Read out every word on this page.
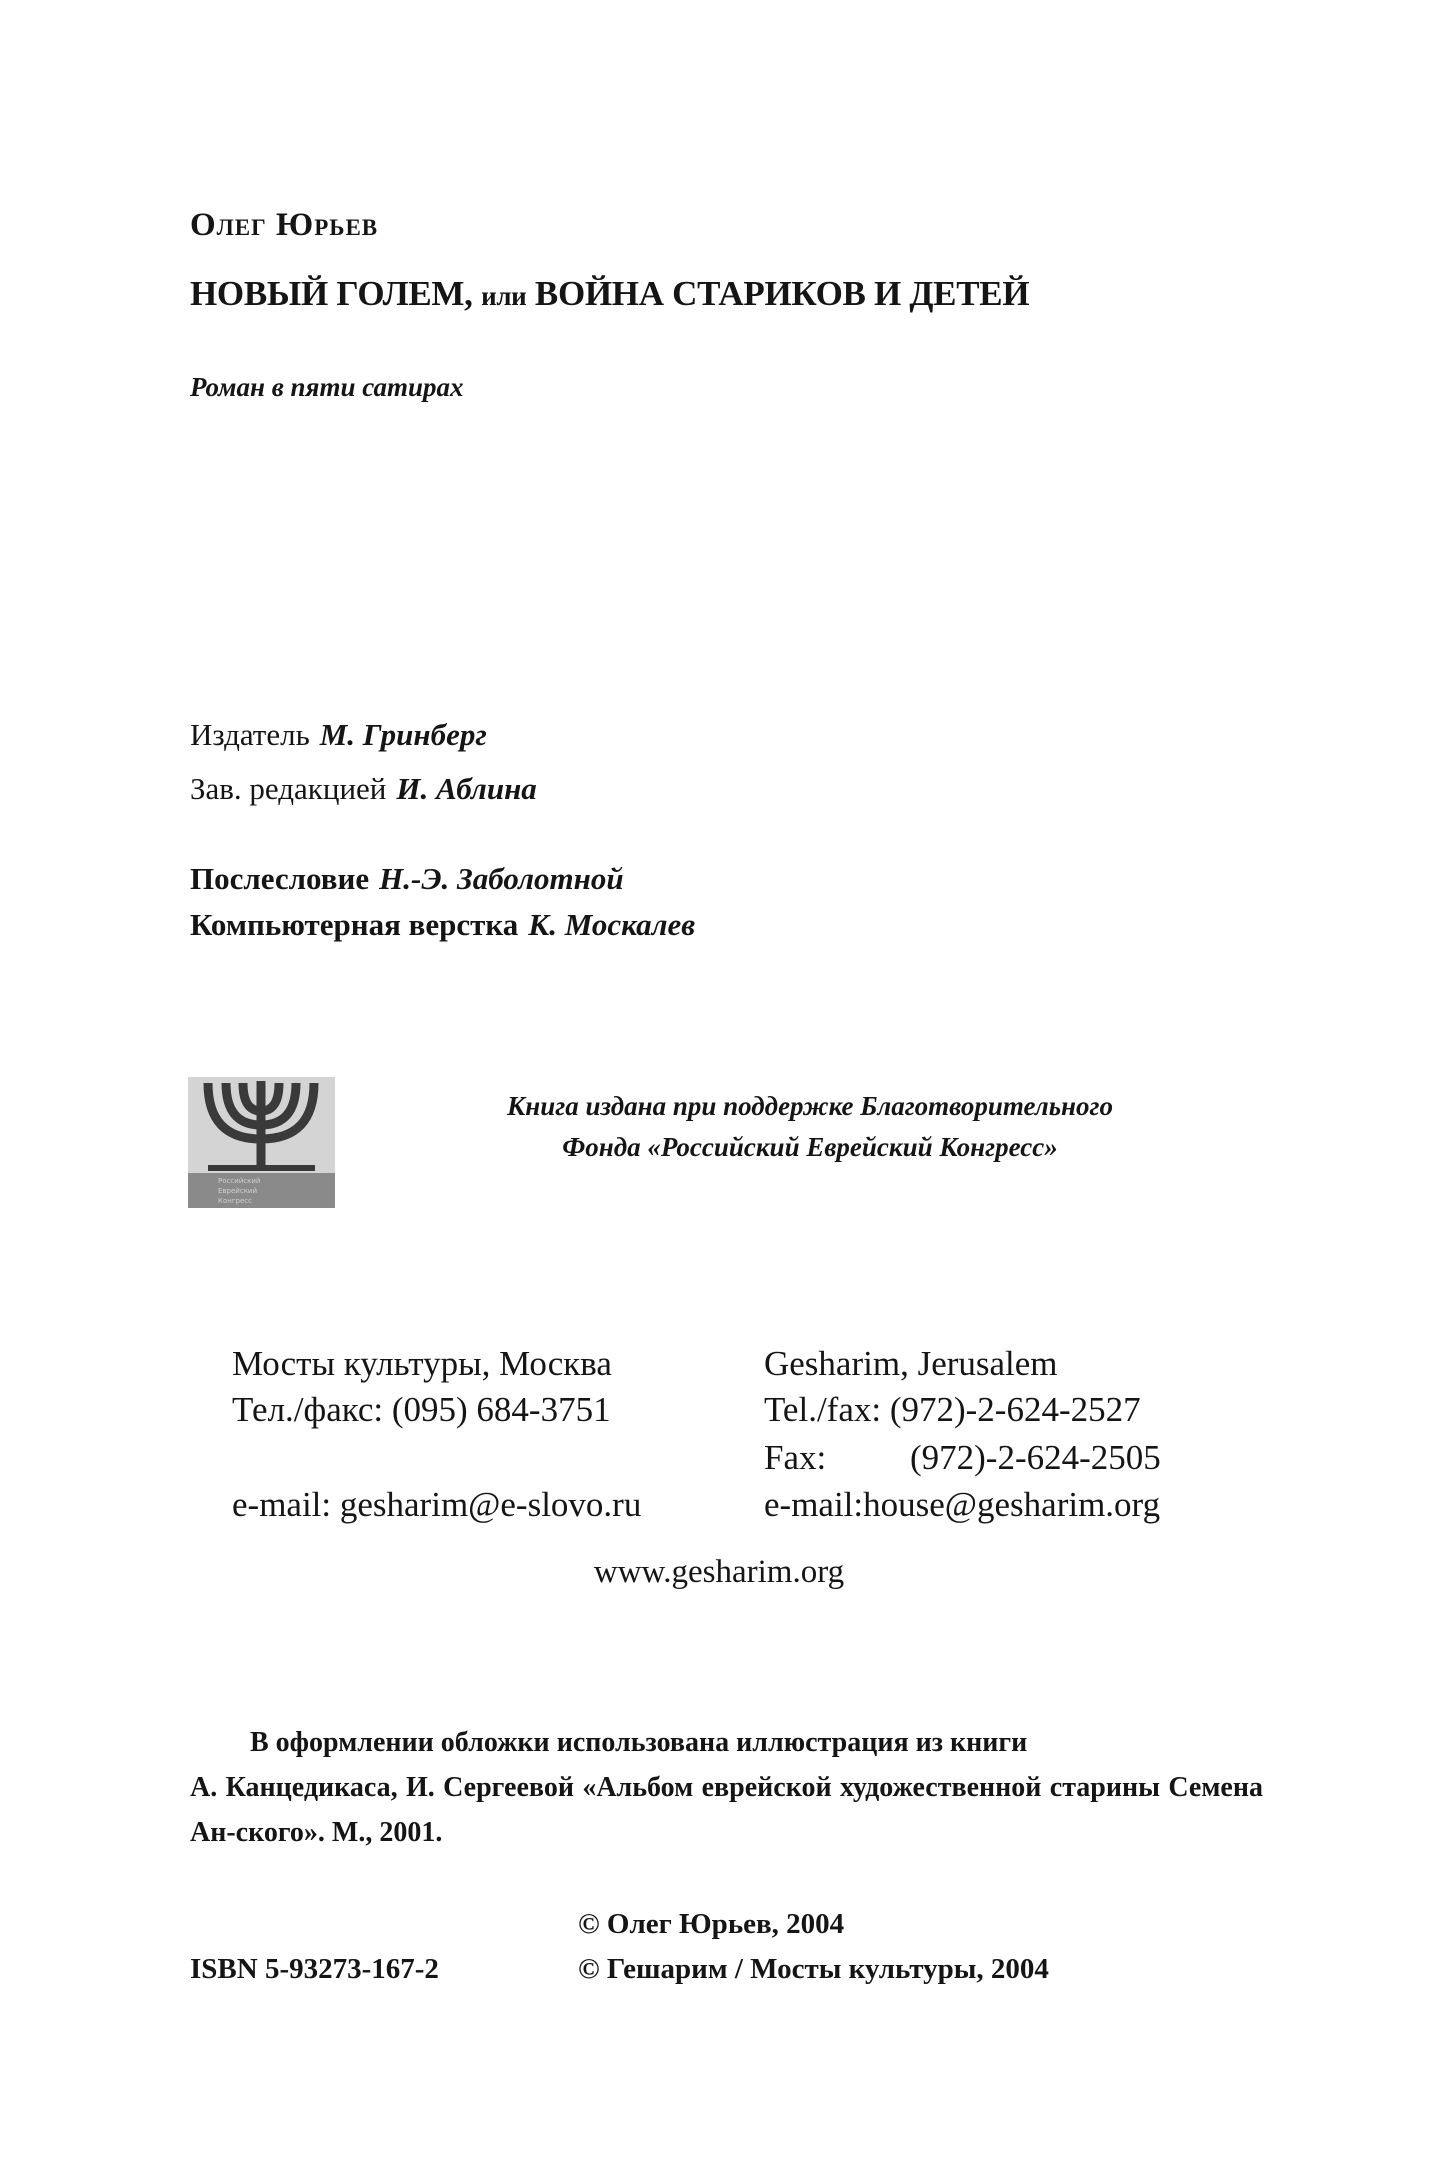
Олег Юрьев
НОВЫЙ ГОЛЕМ, или ВОЙНА СТАРИКОВ И ДЕТЕЙ
Роман в пяти сатирах
Издатель М. Гринберг
Зав. редакцией И. Аблина
Послесловие Н.-Э. Заболотной
Компьютерная верстка К. Москалев
Российский
Еврейский
Конгресс
Книга издана при поддержке Благотворительного
Фонда «Российский Еврейский Конгресс»
Мосты культуры, Москва
Тел./факс: (095) 684-3751
e-mail: gesharim@e-slovo.ru
Gesharim, Jerusalem
Tel./fax: (972)-2-624-2527
Fax: (972)-2-624-2505
e-mail:house@gesharim.org
www.gesharim.org
В оформлении обложки использована иллюстрация из книги
А. Канцедикаса, И. Сергеевой «Альбом еврейской художественной старины Семена Ан-ского». М., 2001.
© Олег Юрьев, 2004
© Гешарим / Мосты культуры, 2004
ISBN 5-93273-167-2
